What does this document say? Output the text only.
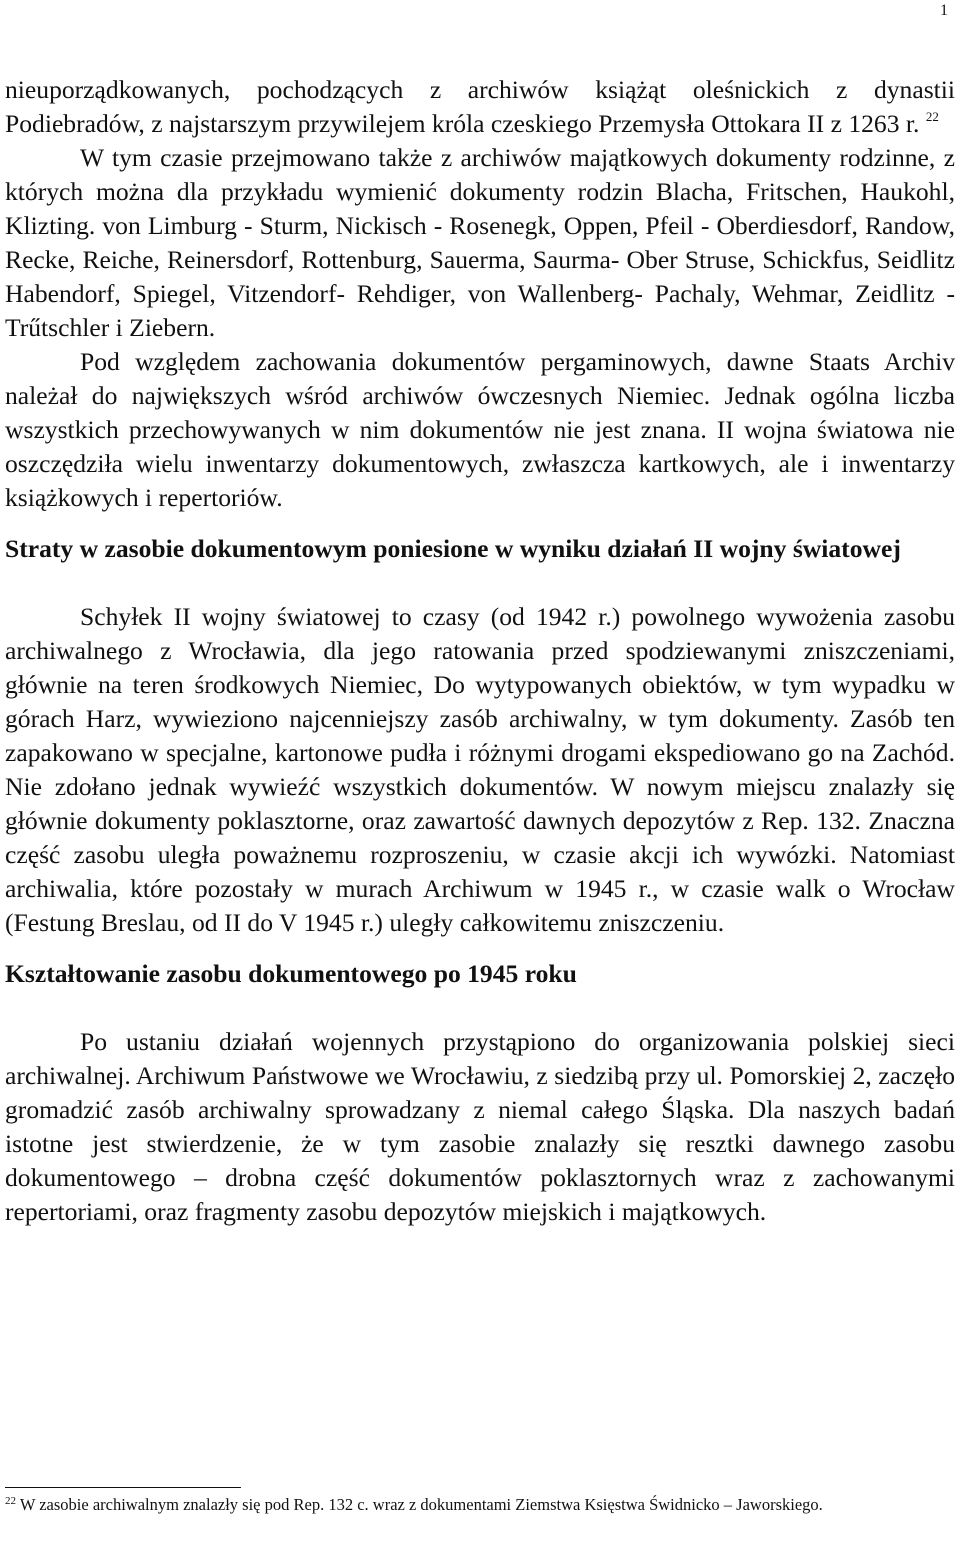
1

nieuporządkowanych, pochodzących z archiwów książąt oleśnickich z dynastii Podiebradów, z najstarszym przywilejem króla czeskiego Przemysła Ottokara II z 1263 r. $^{22}$

W tym czasie przejmowano także z archiwów majątkowych dokumenty rodzinne, z których można dla przykładu wymienić dokumenty rodzin Blacha, Fritschen, Haukohl, Klizting. von Limburg - Sturm, Nickisch - Rosenegk, Oppen, Pfeil - Oberdiesdorf, Randow, Recke, Reiche, Reinersdorf, Rottenburg, Sauerma, Saurma- Ober Struse, Schickfus, Seidlitz Habendorf, Spiegel, Vitzendorf- Rehdiger, von Wallenberg- Pachaly, Wehmar, Zeidlitz - Trűtschler i Ziebern.

Pod względem zachowania dokumentów pergaminowych, dawne Staats Archiv należał do największych wśród archiwów ówczesnych Niemiec. Jednak ogólna liczba wszystkich przechowywanych w nim dokumentów nie jest znana. II wojna światowa nie oszczędziła wielu inwentarzy dokumentowych, zwłaszcza kartkowych, ale i inwentarzy książkowych i repertoriów.

Straty w zasobie dokumentowym poniesione w wyniku działań II wojny światowej

Schyłek II wojny światowej to czasy (od 1942 r.) powolnego wywożenia zasobu archiwalnego z Wrocławia, dla jego ratowania przed spodziewanymi zniszczeniami, głównie na teren środkowych Niemiec, Do wytypowanych obiektów, w tym wypadku w górach Harz, wywieziono najcenniejszy zasób archiwalny, w tym dokumenty. Zasób ten zapakowano w specjalne, kartonowe pudła i różnymi drogami ekspediowano go na Zachód. Nie zdołano jednak wywieźć wszystkich dokumentów. W nowym miejscu znalazły się głównie dokumenty poklasztorne, oraz zawartość dawnych depozytów z Rep. 132. Znaczna część zasobu uległa poważnemu rozproszeniu, w czasie akcji ich wywózki. Natomiast archiwalia, które pozostały w murach Archiwum w 1945 r., w czasie walk o Wrocław (Festung Breslau, od II do V 1945 r.) uległy całkowitemu zniszczeniu.

Kształtowanie zasobu dokumentowego po 1945 roku

Po ustaniu działań wojennych przystąpiono do organizowania polskiej sieci archiwalnej. Archiwum Państwowe we Wrocławiu, z siedzibą przy ul. Pomorskiej 2, zaczęło gromadzić zasób archiwalny sprowadzany z niemal całego Śląska. Dla naszych badań istotne jest stwierdzenie, że w tym zasobie znalazły się resztki dawnego zasobu dokumentowego – drobna część dokumentów poklasztornych wraz z zachowanymi repertoriami, oraz fragmenty zasobu depozytów miejskich i majątkowych.

$^{22}$ W zasobie archiwalnym znalazły się pod Rep. 132 c. wraz z dokumentami Ziemstwa Księstwa Świdnicko – Jaworskiego.
